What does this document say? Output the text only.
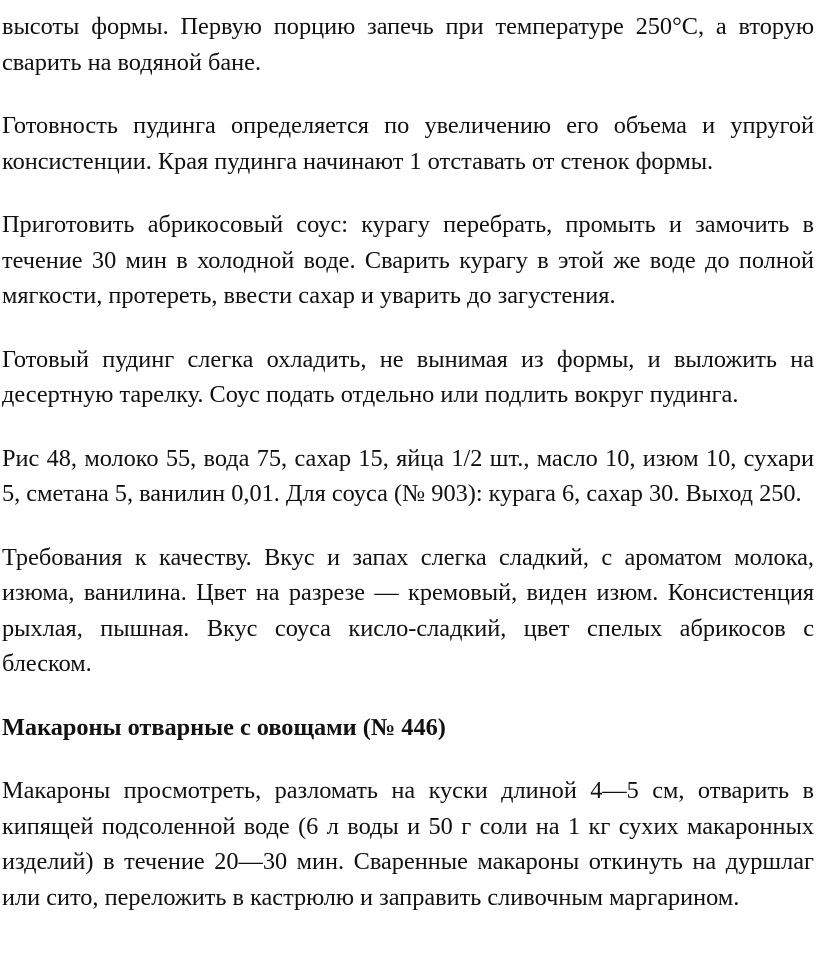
высоты формы. Первую порцию запечь при температуре 250°С, а вторую сварить на водяной бане.

Готовность пудинга определяется по увеличению его объема и упругой консистенции. Края пудинга начинают 1 отставать от стенок формы.

Приготовить абрикосовый соус: курагу перебрать, промыть и замочить в течение 30 мин в холодной воде. Сварить курагу в этой же воде до полной мягкости, протереть, ввести сахар и уварить до загустения.

Готовый пудинг слегка охладить, не вынимая из формы, и выложить на десертную тарелку. Соус подать отдельно или подлить вокруг пудинга.

Рис 48, молоко 55, вода 75, сахар 15, яйца 1/2 шт., масло 10, изюм 10, сухари 5, сметана 5, ванилин 0,01. Для соуса (№ 903): курага 6, сахар 30. Выход 250.

Требования к качеству. Вкус и запах слегка сладкий, с ароматом молока, изюма, ванилина. Цвет на разрезе — кремовый, виден изюм. Консистенция рыхлая, пышная. Вкус соуса кисло-сладкий, цвет спелых абрикосов с блеском.

Макароны отварные с овощами (№ 446)

Макароны просмотреть, разломать на куски длиной 4—5 см, отварить в кипящей подсоленной воде (6 л воды и 50 г соли на 1 кг сухих макаронных изделий) в течение 20—30 мин. Сваренные макароны откинуть на дуршлаг или сито, переложить в кастрюлю и заправить сливочным маргарином.
